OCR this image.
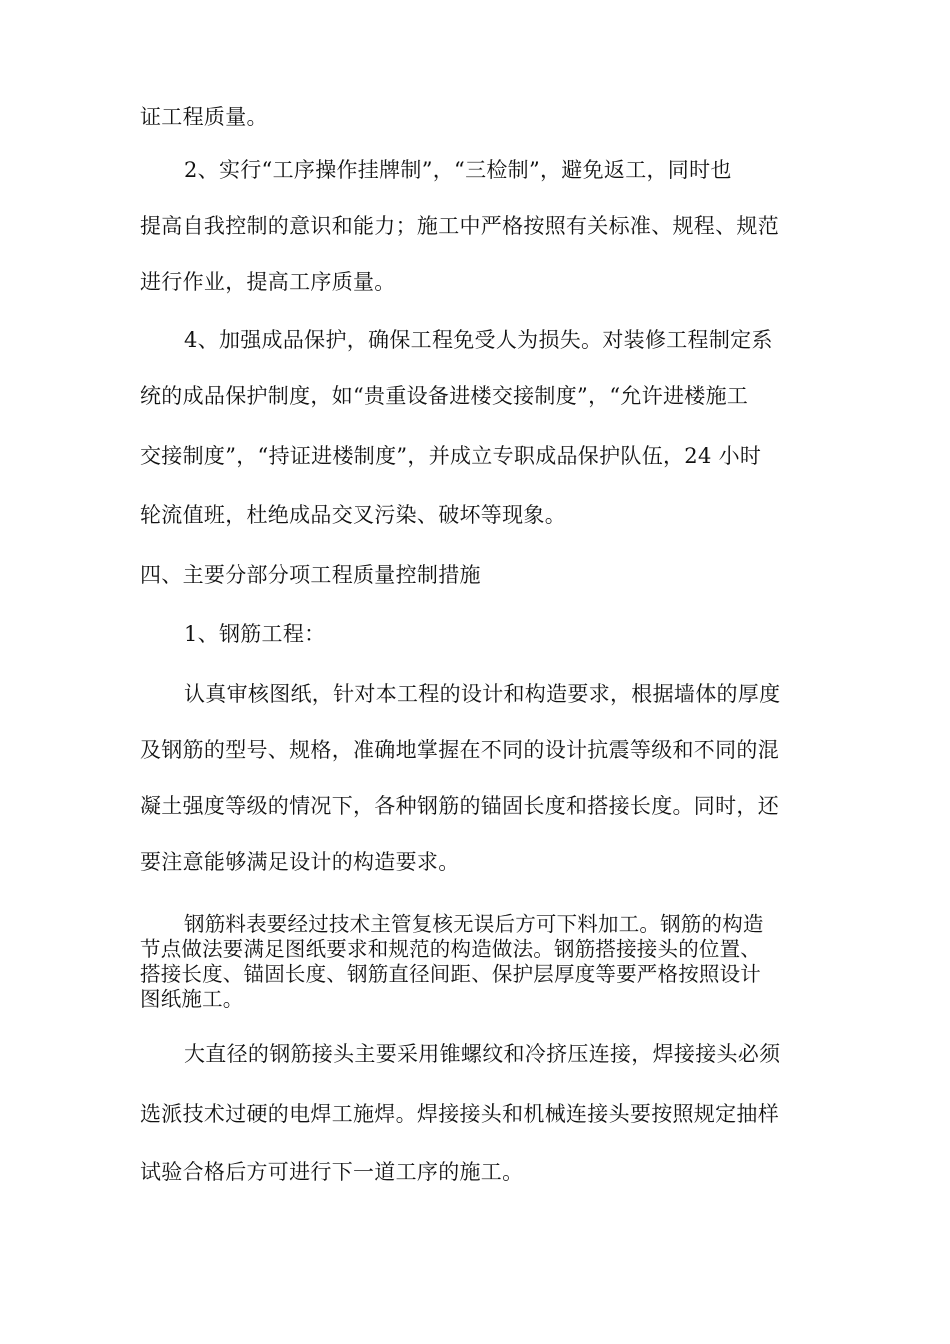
证工程质量。
2、实行“工序操作挂牌制”，“三检制”，避免返工，同时也
提高自我控制的意识和能力；施工中严格按照有关标准、规程、规范
进行作业，提高工序质量。
4、加强成品保护，确保工程免受人为损失。对装修工程制定系
统的成品保护制度，如“贵重设备进楼交接制度”，“允许进楼施工
交接制度”，“持证进楼制度”，并成立专职成品保护队伍，24 小时
轮流值班，杜绝成品交叉污染、破坏等现象。
四、主要分部分项工程质量控制措施
1、钢筋工程：
认真审核图纸，针对本工程的设计和构造要求，根据墙体的厚度
及钢筋的型号、规格，准确地掌握在不同的设计抗震等级和不同的混
凝土强度等级的情况下，各种钢筋的锚固长度和搭接长度。同时，还
要注意能够满足设计的构造要求。
钢筋料表要经过技术主管复核无误后方可下料加工。钢筋的构造
节点做法要满足图纸要求和规范的构造做法。钢筋搭接接头的位置、
搭接长度、锚固长度、钢筋直径间距、保护层厚度等要严格按照设计
图纸施工。
大直径的钢筋接头主要采用锥螺纹和冷挤压连接，焊接接头必须
选派技术过硬的电焊工施焊。焊接接头和机械连接头要按照规定抽样
试验合格后方可进行下一道工序的施工。
